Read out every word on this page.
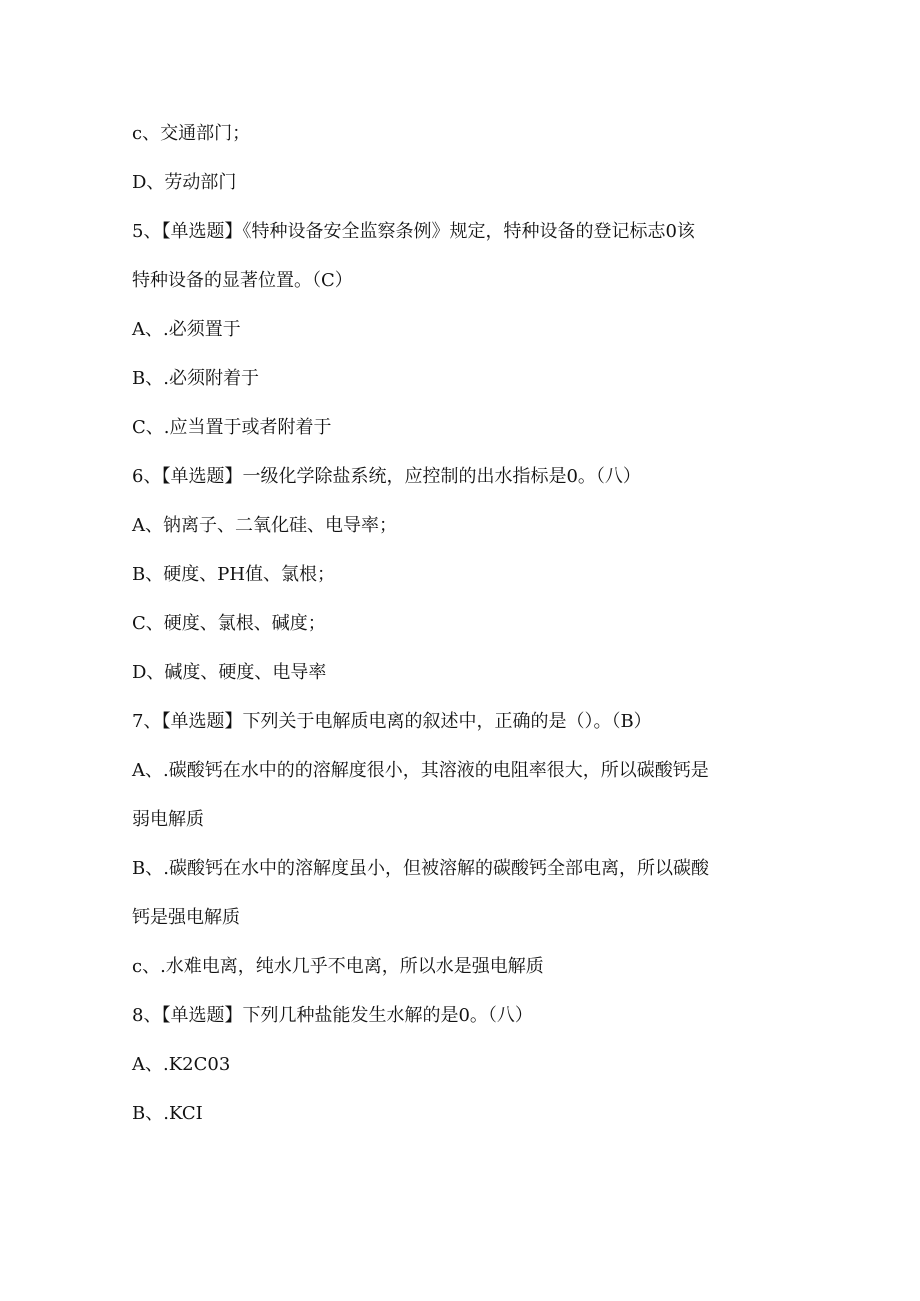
c、交通部门；
D、劳动部门
5、【单选题】《特种设备安全监察条例》规定，特种设备的登记标志0该
特种设备的显著位置。（C）
A、.必须置于
B、.必须附着于
C、.应当置于或者附着于
6、【单选题】一级化学除盐系统，应控制的出水指标是0。（八）
A、钠离子、二氧化硅、电导率；
B、硬度、PH值、氯根；
C、硬度、氯根、碱度；
D、碱度、硬度、电导率
7、【单选题】下列关于电解质电离的叙述中，正确的是（）。（B）
A、.碳酸钙在水中的的溶解度很小，其溶液的电阻率很大，所以碳酸钙是
弱电解质
B、.碳酸钙在水中的溶解度虽小，但被溶解的碳酸钙全部电离，所以碳酸
钙是强电解质
c、.水难电离，纯水几乎不电离，所以水是强电解质
8、【单选题】下列几种盐能发生水解的是0。（八）
A、.K2C03
B、.KCI
